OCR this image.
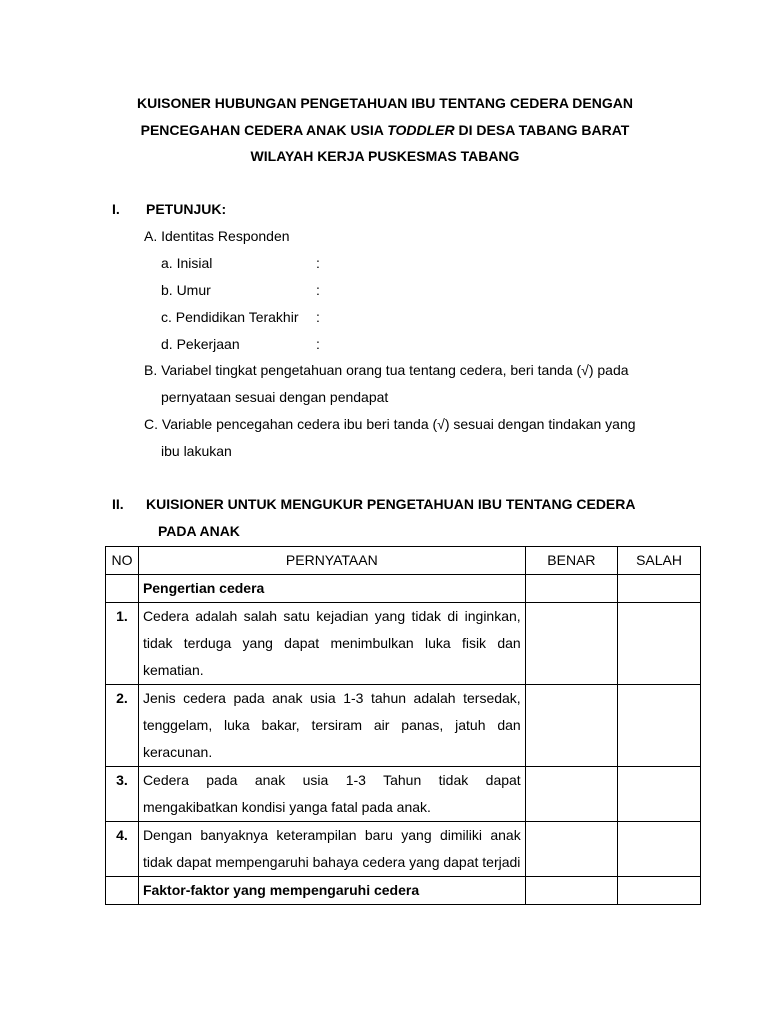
KUISONER HUBUNGAN PENGETAHUAN IBU TENTANG CEDERA DENGAN
PENCEGAHAN CEDERA ANAK USIA TODDLER DI DESA TABANG BARAT
WILAYAH KERJA PUSKESMAS TABANG
I. PETUNJUK:
A. Identitas Responden
a. Inisial	:
b. Umur	:
c. Pendidikan Terakhir :
d. Pekerjaan	:
B. Variabel tingkat pengetahuan orang tua tentang cedera, beri tanda (√) pada
pernyataan sesuai dengan pendapat
C. Variable pencegahan cedera ibu beri tanda (√) sesuai dengan tindakan yang
ibu lakukan
II. KUISIONER UNTUK MENGUKUR PENGETAHUAN IBU TENTANG CEDERA
PADA ANAK
NO	PERNYATAAN	BENAR	SALAH
	Pengertian cedera		
1.	Cedera adalah salah satu kejadian yang tidak di inginkan, tidak terduga yang dapat menimbulkan luka fisik dan kematian.		
2.	Jenis cedera pada anak usia 1-3 tahun adalah tersedak, tenggelam, luka bakar, tersiram air panas, jatuh dan keracunan.		
3.	Cedera pada anak usia 1-3 Tahun tidak dapat mengakibatkan kondisi yanga fatal pada anak.		
4.	Dengan banyaknya keterampilan baru yang dimiliki anak tidak dapat mempengaruhi bahaya cedera yang dapat terjadi		
	Faktor-faktor yang mempengaruhi cedera		
